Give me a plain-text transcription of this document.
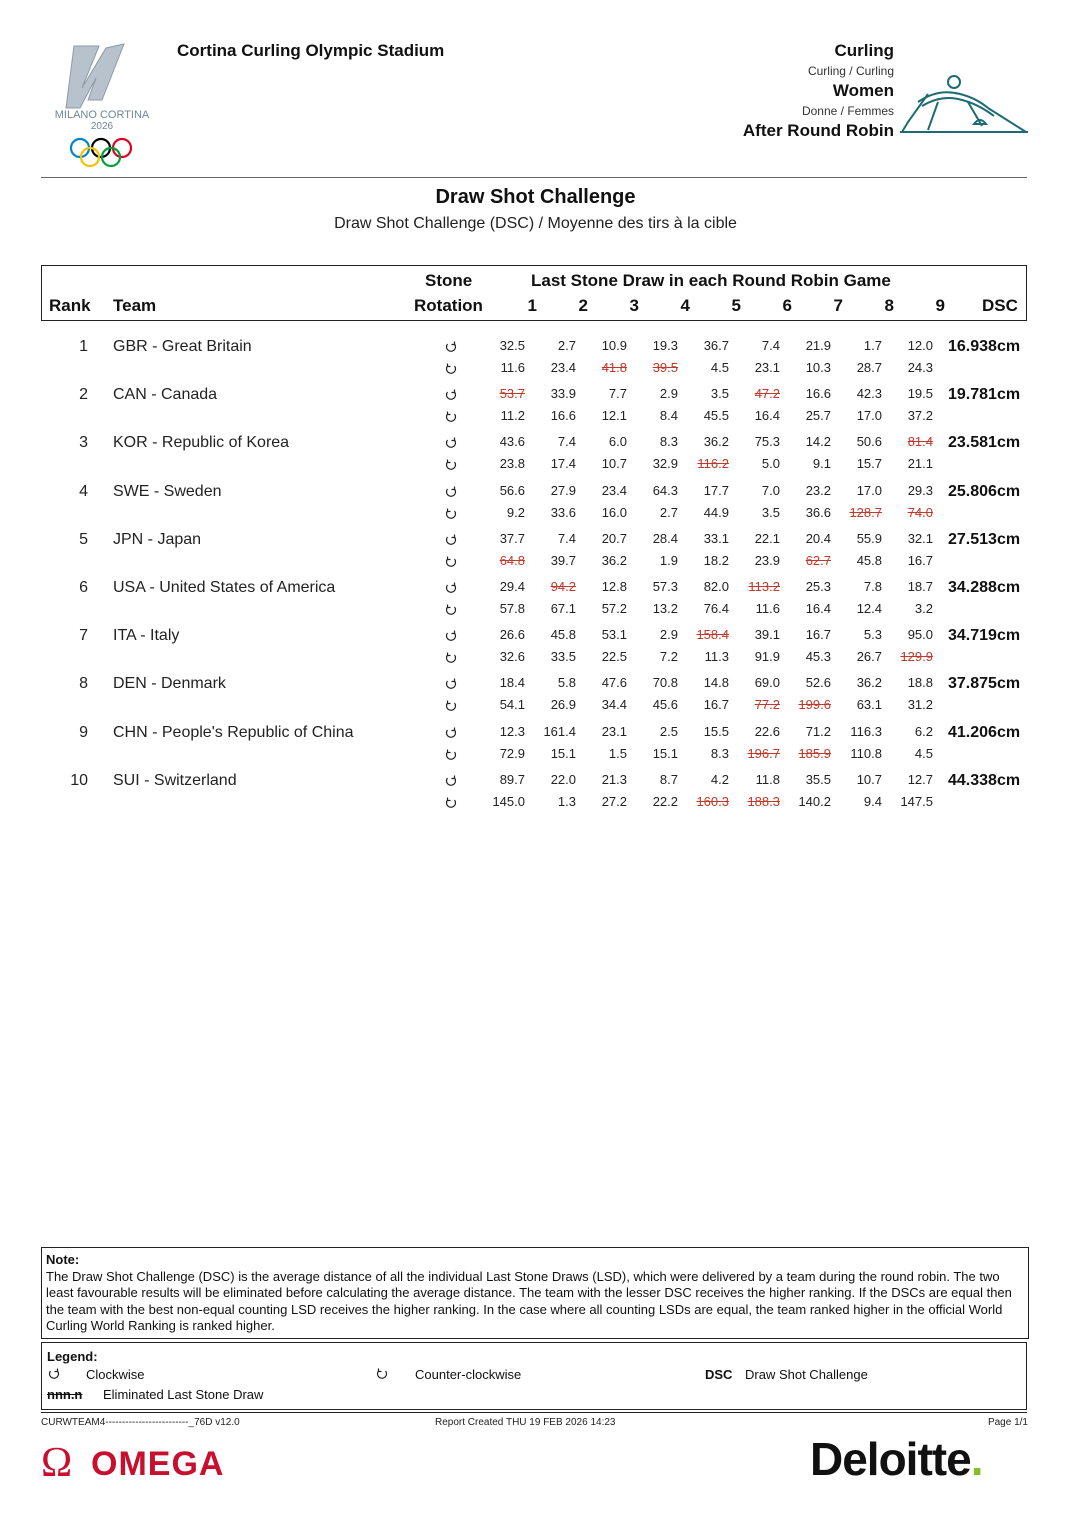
MILANO CORTINA
2026
Cortina Curling Olympic Stadium	Curling
Curling / Curling
Women
Donne / Femmes
After Round Robin
Draw Shot Challenge
Draw Shot Challenge (DSC) / Moyenne des tirs à la cible
Stone
Rotation
Last Stone Draw in each Round Robin Game
Rank Team	DSC
1	2	3	4	5	6	7	8	9
1 GBR - Great Britain	16.938cm
32.5	2.7	10.9	19.3	36.7	7.4	21.9	1.7	12.0
11.6	23.4	41.8	39.5	4.5	23.1	10.3	28.7	24.3
2 CAN - Canada	19.781cm
53.7	33.9	7.7	2.9	3.5	47.2	16.6	42.3	19.5
11.2	16.6	12.1	8.4	45.5	16.4	25.7	17.0	37.2
3 KOR - Republic of Korea	23.581cm
43.6	7.4	6.0	8.3	36.2	75.3	14.2	50.6	81.4
23.8	17.4	10.7	32.9	116.2	5.0	9.1	15.7	21.1
4 SWE - Sweden	25.806cm
56.6	27.9	23.4	64.3	17.7	7.0	23.2	17.0	29.3
9.2	33.6	16.0	2.7	44.9	3.5	36.6	128.7	74.0
5 JPN - Japan	27.513cm
37.7	7.4	20.7	28.4	33.1	22.1	20.4	55.9	32.1
64.8	39.7	36.2	1.9	18.2	23.9	62.7	45.8	16.7
6 USA - United States of America	34.288cm
29.4	94.2	12.8	57.3	82.0	113.2	25.3	7.8	18.7
57.8	67.1	57.2	13.2	76.4	11.6	16.4	12.4	3.2
7 ITA - Italy	34.719cm
26.6	45.8	53.1	2.9	158.4	39.1	16.7	5.3	95.0
32.6	33.5	22.5	7.2	11.3	91.9	45.3	26.7	129.9
8 DEN - Denmark	37.875cm
18.4	5.8	47.6	70.8	14.8	69.0	52.6	36.2	18.8
54.1	26.9	34.4	45.6	16.7	77.2	199.6	63.1	31.2
9 CHN - People's Republic of China	41.206cm
12.3	161.4	23.1	2.5	15.5	22.6	71.2	116.3	6.2
72.9	15.1	1.5	15.1	8.3	196.7	185.9	110.8	4.5
10 SUI - Switzerland	44.338cm
89.7	22.0	21.3	8.7	4.2	11.8	35.5	10.7	12.7
145.0	1.3	27.2	22.2	160.3	188.3	140.2	9.4	147.5
Note:
The Draw Shot Challenge (DSC) is the average distance of all the individual Last Stone Draws (LSD), which were delivered by a team during the round robin. The two least favourable results will be eliminated before calculating the average distance. The team with the lesser DSC receives the higher ranking. If the DSCs are equal then the team with the best non-equal counting LSD receives the higher ranking. In the case where all counting LSDs are equal, the team ranked higher in the official World Curling World Ranking is ranked higher.
Legend:
Clockwise	Counter-clockwise	DSC Draw Shot Challenge
nnn.n Eliminated Last Stone Draw
CURWTEAM4-------------------------_76D v12.0	Report Created THU 19 FEB 2026 14:23	Page 1/1
Ω OMEGA	Deloitte.
